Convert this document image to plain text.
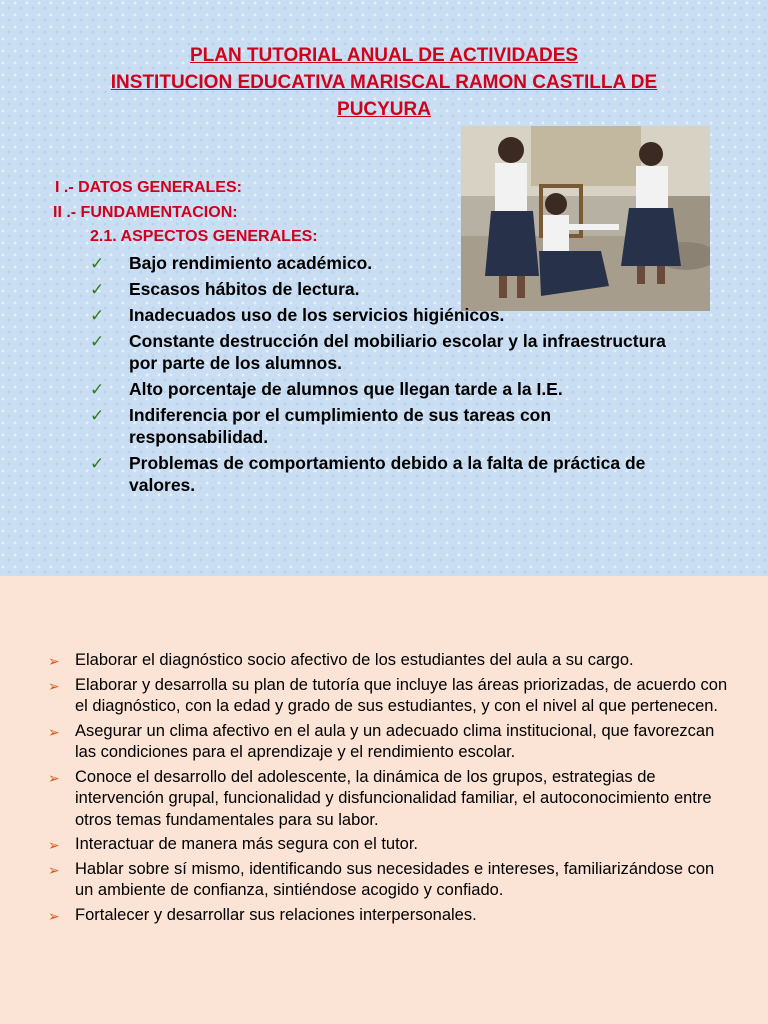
PLAN TUTORIAL ANUAL DE ACTIVIDADES
INSTITUCION EDUCATIVA MARISCAL RAMON CASTILLA DE
PUCYURA
I .- DATOS GENERALES:
II .- FUNDAMENTACION:
2.1. ASPECTOS GENERALES:
✓ Bajo rendimiento académico.
✓ Escasos hábitos de lectura.
✓ Inadecuados uso de los servicios higiénicos.
✓ Constante destrucción del mobiliario escolar y la infraestructura por parte de los alumnos.
✓ Alto porcentaje de alumnos que llegan tarde a la I.E.
✓ Indiferencia por el cumplimiento de sus tareas con responsabilidad.
✓ Problemas de comportamiento debido a la falta de práctica de valores.
➢ Elaborar el diagnóstico socio afectivo de los estudiantes del aula a su cargo.
➢ Elaborar y desarrolla su plan de tutoría que incluye las áreas priorizadas, de acuerdo con el diagnóstico, con la edad y grado de sus estudiantes, y con el nivel al que pertenecen.
➢ Asegurar un clima afectivo en el aula y un adecuado clima institucional, que favorezcan las condiciones para el aprendizaje y el rendimiento escolar.
➢ Conoce el desarrollo del adolescente, la dinámica de los grupos, estrategias de intervención grupal, funcionalidad y disfuncionalidad familiar, el autoconocimiento entre otros temas fundamentales para su labor.
➢ Interactuar de manera más segura con el tutor.
➢ Hablar sobre sí mismo, identificando sus necesidades e intereses, familiarizándose con un ambiente de confianza, sintiéndose acogido y confiado.
➢ Fortalecer y desarrollar sus relaciones interpersonales.
